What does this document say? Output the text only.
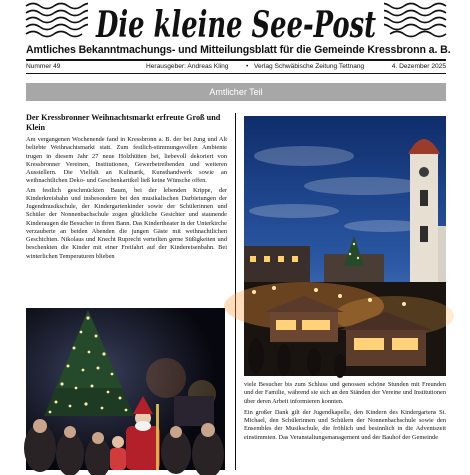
Die kleine See-Post
Amtliches Bekanntmachungs- und Mitteilungsblatt für die Gemeinde Kressbronn a. B.
Nummer 49	Herausgeber: Andreas Kling	• Verlag Schwäbische Zeitung Tettnang	4. Dezember 2025
Amtlicher Teil
Der Kressbronner Weihnachtsmarkt erfreute Groß und Klein

Am vergangenen Wochenende fand in Kressbronn a. B. der bei Jung und Alt beliebte Weihnachtsmarkt statt. Zum festlich-stimmungsvollen Ambiente trugen in diesem Jahr 27 neue Holzhütten bei, liebevoll dekoriert von Kressbronner Vereinen, Institutionen, Gewerbetreibenden und weiteren Ausstellern. Die Vielfalt an Kulinarik, Kunsthandwerk sowie an weihnachtlichen Deko- und Geschenkartikel ließ keine Wünsche offen.

Am festlich geschmückten Baum, bei der lebenden Krippe, der Kinderkreisbahn und insbesondere bei den musikalischen Darbietungen der Jugendmusikschule, der Kindergartenkinder sowie der Schülerinnen und Schüler der Nonnenbachschule zogen glückliche Gesichter und staunende Kinderaugen die Besucher in ihren Bann. Das Kindertheater in der Unterkirche verzauberte an beiden Abenden die jungen Gäste mit weihnachtlichen Geschichten. Nikolaus und Knecht Ruprecht verteilten gerne Süßigkeiten und beschenkten die Kinder mit einer Freifahrt auf der Kindereisenbahn. Bei winterlichen Temperaturen blieben

viele Besucher bis zum Schluss und genossen schöne Stunden mit Freunden und der Familie, während sie sich an den Ständen der Vereine und Institutionen über deren Arbeit informieren konnten.

Ein großer Dank gilt der Jugendkapelle, den Kindern des Kindergartens St. Michael, den Schülerinnen und Schülern der Nonnenbachschule sowie den Ensembles der Musikschule, die fröhlich und besinnlich in die Adventszeit einstimmten. Das Veranstaltungsmanagement und der Bauhof der Gemeinde
